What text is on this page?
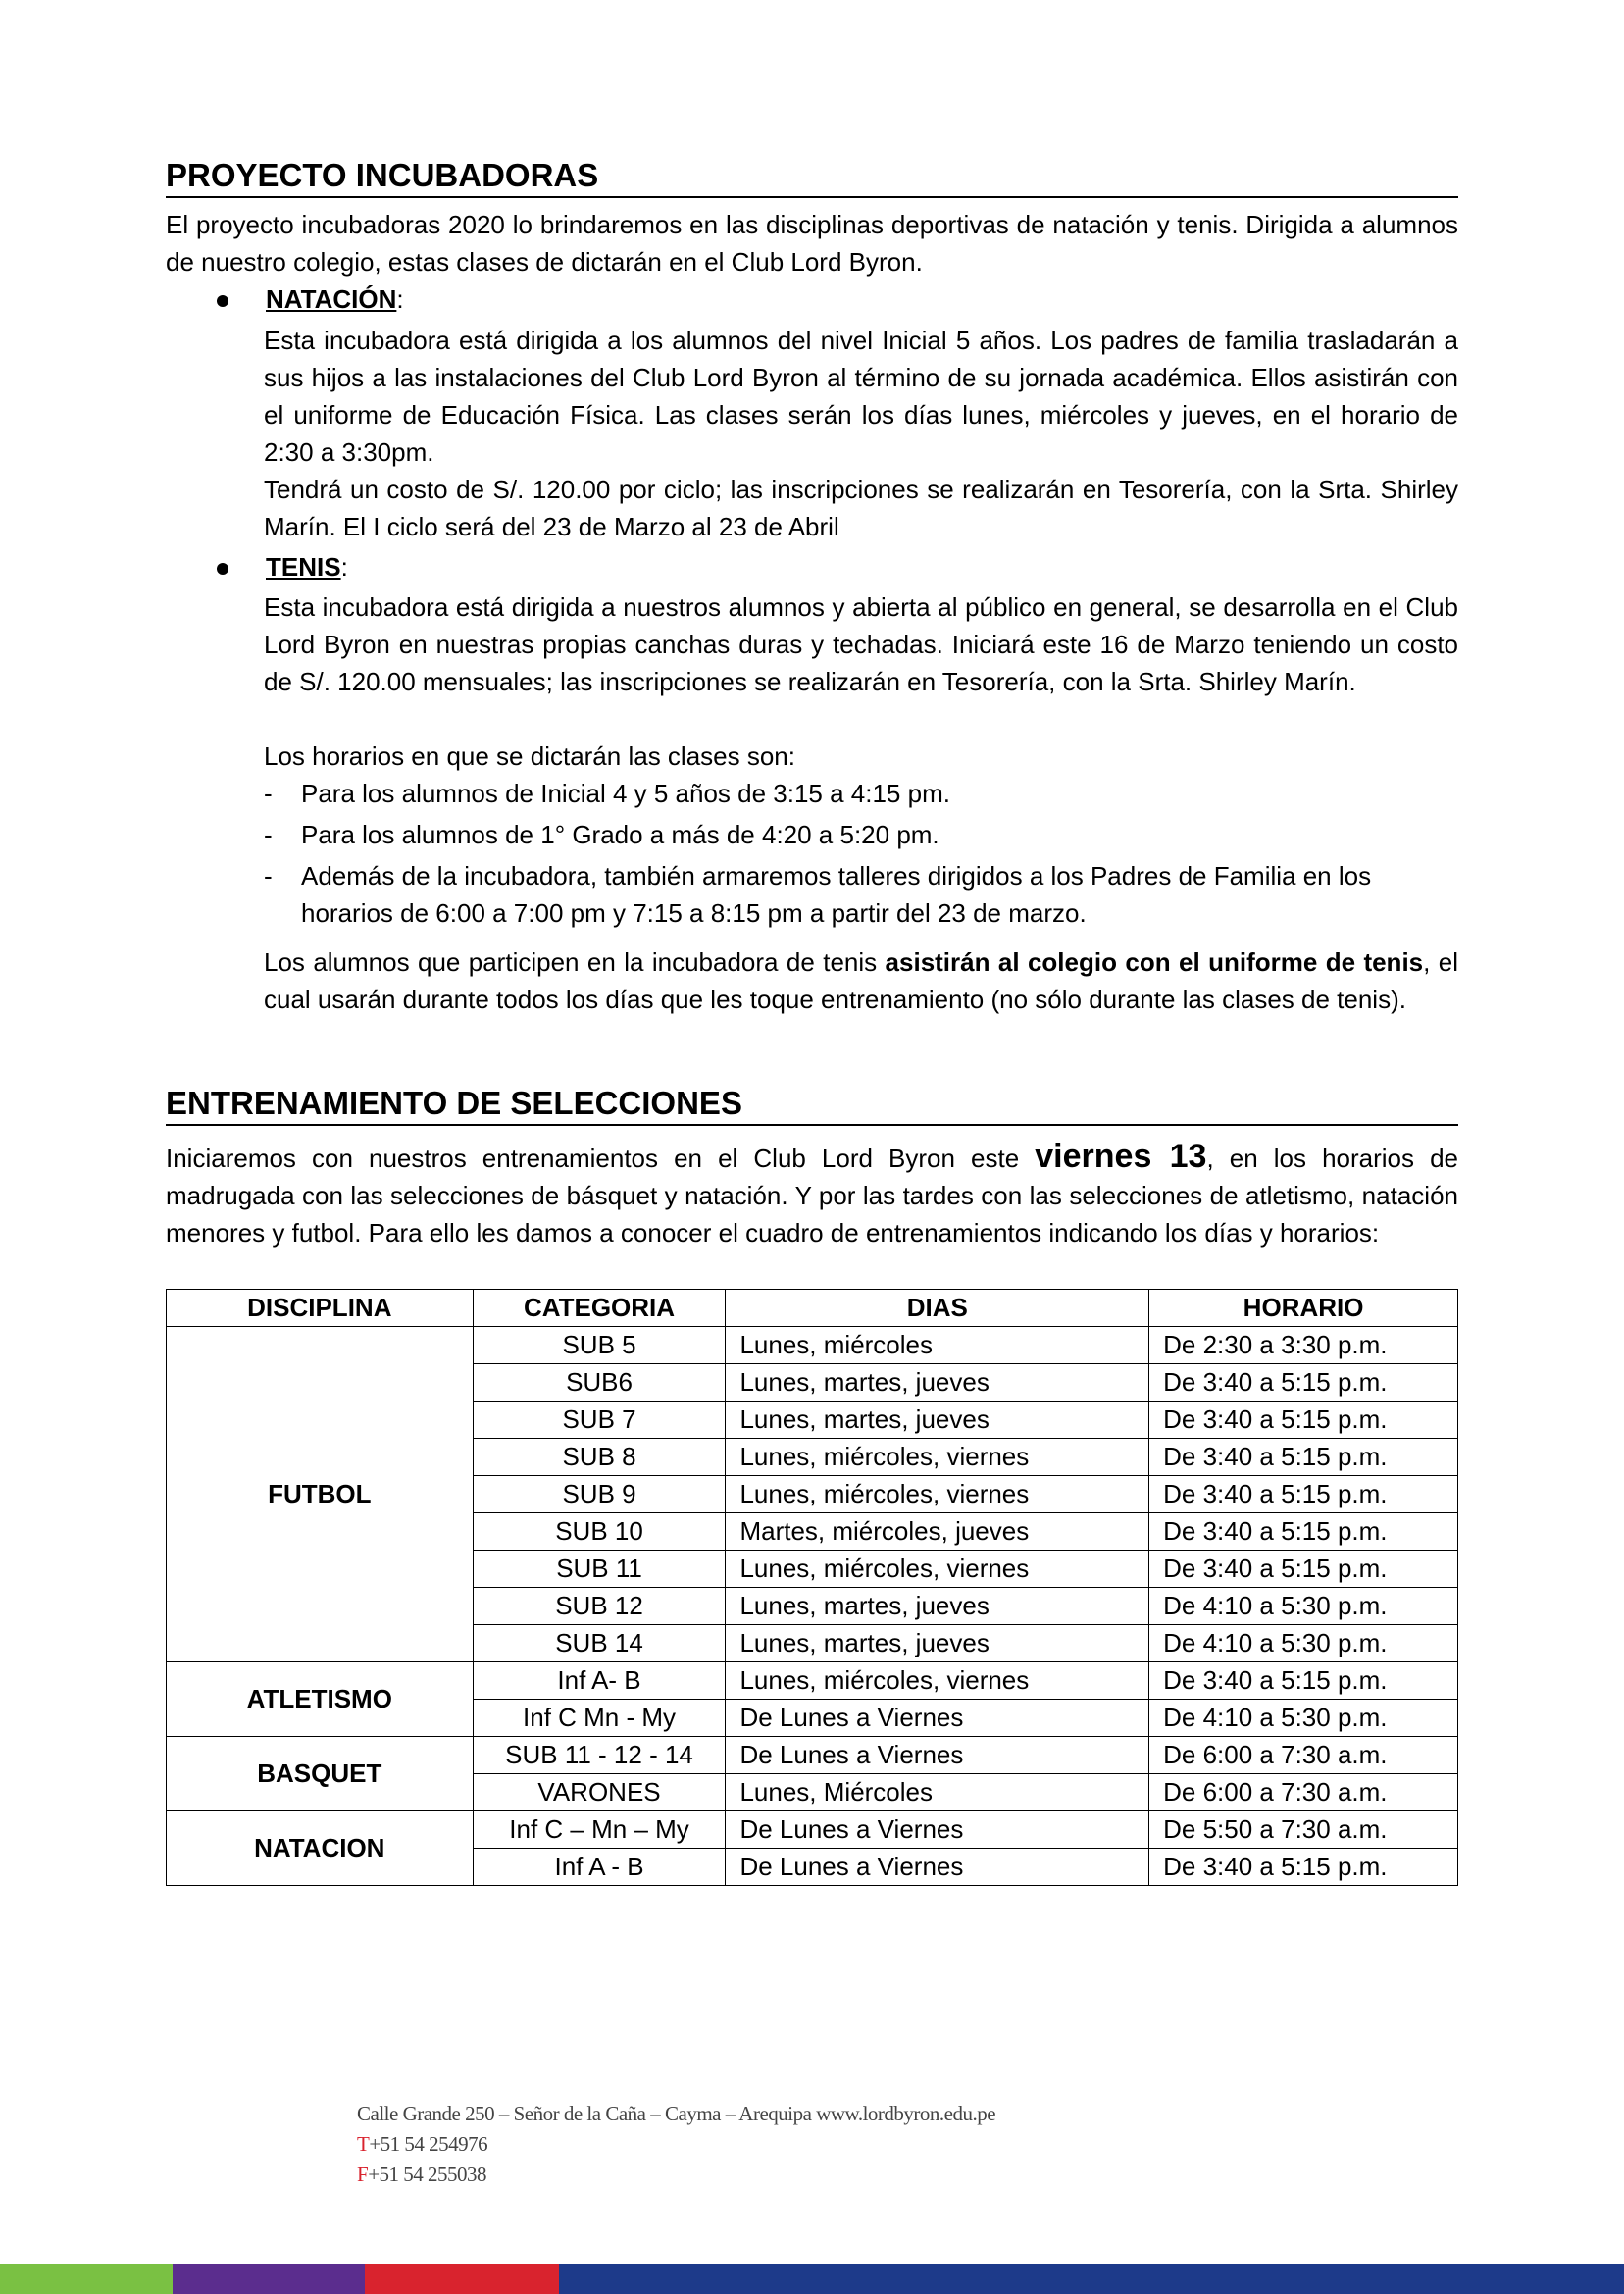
PROYECTO INCUBADORAS

El proyecto incubadoras 2020 lo brindaremos en las disciplinas deportivas de natación y tenis. Dirigida a alumnos de nuestro colegio, estas clases de dictarán en el Club Lord Byron.

NATACIÓN:

Esta incubadora está dirigida a los alumnos del nivel Inicial 5 años. Los padres de familia trasladarán a sus hijos a las instalaciones del Club Lord Byron al término de su jornada académica. Ellos asistirán con el uniforme de Educación Física. Las clases serán los días lunes, miércoles y jueves, en el horario de 2:30 a 3:30pm.

Tendrá un costo de S/. 120.00 por ciclo; las inscripciones se realizarán en Tesorería, con la Srta. Shirley Marín. El I ciclo será del 23 de Marzo al 23 de Abril

TENIS:

Esta incubadora está dirigida a nuestros alumnos y abierta al público en general, se desarrolla en el Club Lord Byron en nuestras propias canchas duras y techadas. Iniciará este 16 de Marzo teniendo un costo de S/. 120.00 mensuales; las inscripciones se realizarán en Tesorería, con la Srta. Shirley Marín.

Los horarios en que se dictarán las clases son:

- Para los alumnos de Inicial 4 y 5 años de 3:15 a 4:15 pm.
- Para los alumnos de 1° Grado a más de 4:20 a 5:20 pm.
- Además de la incubadora, también armaremos talleres dirigidos a los Padres de Familia en los horarios de 6:00 a 7:00 pm y 7:15 a 8:15 pm a partir del 23 de marzo.

Los alumnos que participen en la incubadora de tenis asistirán al colegio con el uniforme de tenis, el cual usarán durante todos los días que les toque entrenamiento (no sólo durante las clases de tenis).

ENTRENAMIENTO DE SELECCIONES

Iniciaremos con nuestros entrenamientos en el Club Lord Byron este viernes 13, en los horarios de madrugada con las selecciones de básquet y natación. Y por las tardes con las selecciones de atletismo, natación menores y futbol. Para ello les damos a conocer el cuadro de entrenamientos indicando los días y horarios:

DISCIPLINA	CATEGORIA	DIAS	HORARIO
FUTBOL	SUB 5	Lunes, miércoles	De 2:30 a 3:30 p.m.
	SUB6	Lunes, martes, jueves	De 3:40 a 5:15 p.m.
	SUB 7	Lunes, martes, jueves	De 3:40 a 5:15 p.m.
	SUB 8	Lunes, miércoles, viernes	De 3:40 a 5:15 p.m.
	SUB 9	Lunes, miércoles, viernes	De 3:40 a 5:15 p.m.
	SUB 10	Martes, miércoles, jueves	De 3:40 a 5:15 p.m.
	SUB 11	Lunes, miércoles, viernes	De 3:40 a 5:15 p.m.
	SUB 12	Lunes, martes, jueves	De 4:10 a 5:30 p.m.
	SUB 14	Lunes, martes, jueves	De 4:10 a 5:30 p.m.
ATLETISMO	Inf A- B	Lunes, miércoles, viernes	De 3:40 a 5:15 p.m.
	Inf C Mn - My	De Lunes a Viernes	De 4:10 a 5:30 p.m.
BASQUET	SUB 11 - 12 - 14	De Lunes a Viernes	De 6:00 a 7:30 a.m.
	VARONES	Lunes, Miércoles	De 6:00 a 7:30 a.m.
NATACION	Inf C – Mn – My	De Lunes a Viernes	De 5:50 a 7:30 a.m.
	Inf A - B	De Lunes a Viernes	De 3:40 a 5:15 p.m.
Calle Grande 250 – Señor de la Caña – Cayma – Arequipa www.lordbyron.edu.pe
T+51 54 254976
F+51 54 255038
